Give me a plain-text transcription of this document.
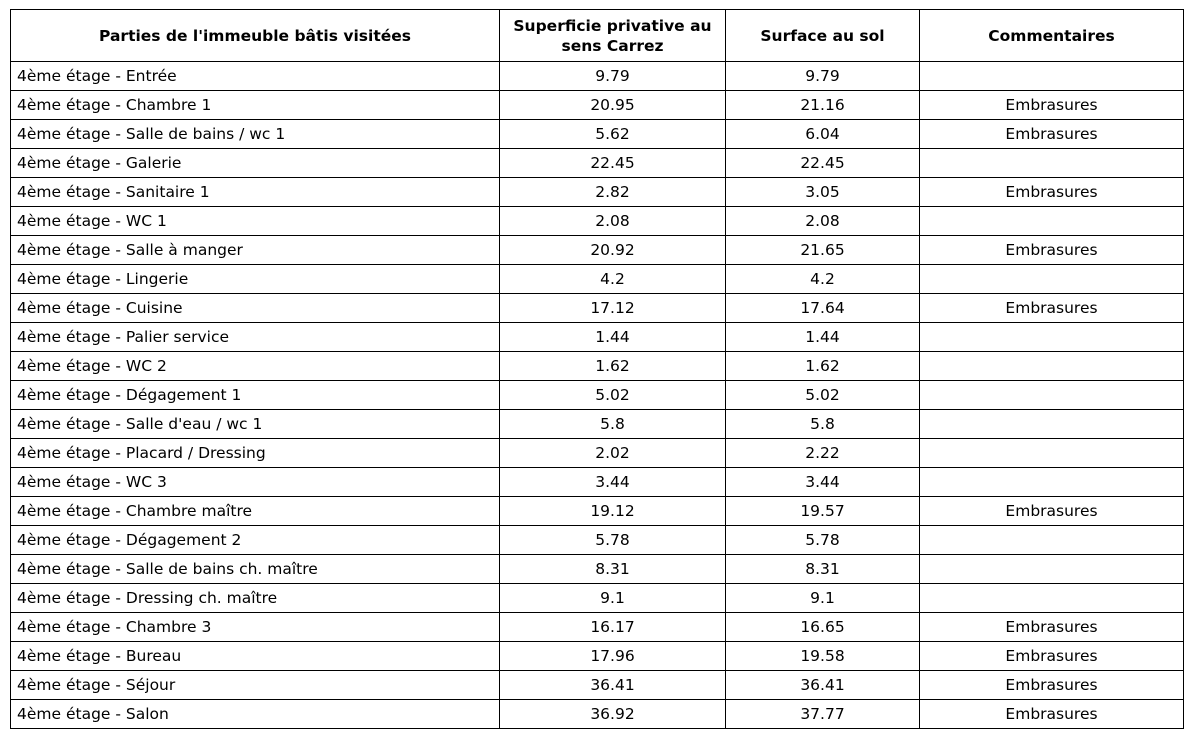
Parties de l'immeuble bâtis visitées	Superficie privative au sens Carrez	Surface au sol	Commentaires
4ème étage - Entrée	9.79	9.79	
4ème étage - Chambre 1	20.95	21.16	Embrasures
4ème étage - Salle de bains / wc 1	5.62	6.04	Embrasures
4ème étage - Galerie	22.45	22.45	
4ème étage - Sanitaire 1	2.82	3.05	Embrasures
4ème étage - WC 1	2.08	2.08	
4ème étage - Salle à manger	20.92	21.65	Embrasures
4ème étage - Lingerie	4.2	4.2	
4ème étage - Cuisine	17.12	17.64	Embrasures
4ème étage - Palier service	1.44	1.44	
4ème étage - WC 2	1.62	1.62	
4ème étage - Dégagement 1	5.02	5.02	
4ème étage - Salle d'eau / wc 1	5.8	5.8	
4ème étage - Placard / Dressing	2.02	2.22	
4ème étage - WC 3	3.44	3.44	
4ème étage - Chambre maître	19.12	19.57	Embrasures
4ème étage - Dégagement 2	5.78	5.78	
4ème étage - Salle de bains ch. maître	8.31	8.31	
4ème étage - Dressing ch. maître	9.1	9.1	
4ème étage - Chambre 3	16.17	16.65	Embrasures
4ème étage - Bureau	17.96	19.58	Embrasures
4ème étage - Séjour	36.41	36.41	Embrasures
4ème étage - Salon	36.92	37.77	Embrasures
